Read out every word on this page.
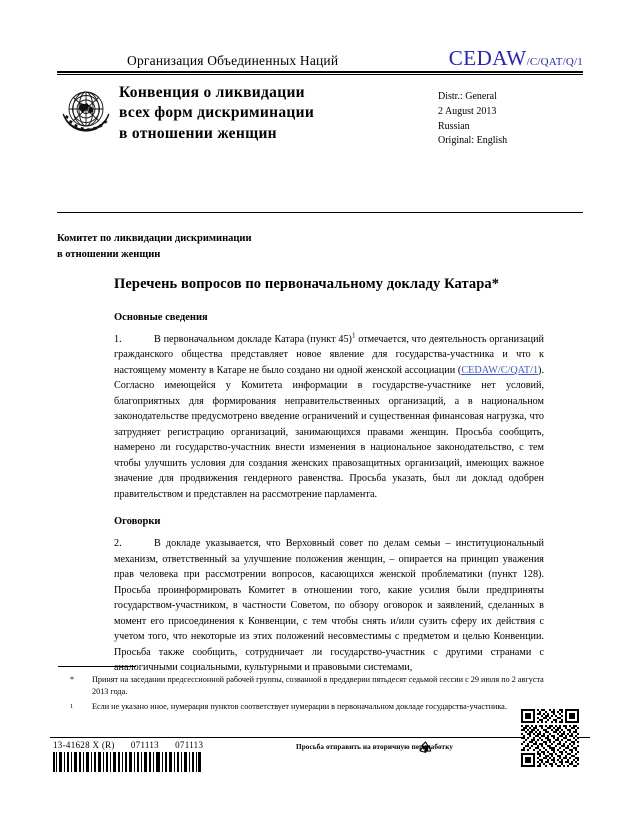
Организация Объединенных Наций	CEDAW/C/QAT/Q/1
Конвенция о ликвидации
всех форм дискриминации
в отношении женщин
Distr.: General
2 August 2013
Russian
Original: English
Комитет по ликвидации дискриминации
в отношении женщин
Перечень вопросов по первоначальному докладу Катара*
Основные сведения

1.	В первоначальном докладе Катара (пункт 45)$^1$ отмечается, что деятельность организаций гражданского общества представляет новое явление для государства-участника и что к настоящему моменту в Катаре не было создано ни одной женской ассоциации (CEDAW/C/QAT/1). Согласно имеющейся у Комитета информации в государстве-участнике нет условий, благоприятных для формирования неправительственных организаций, а в национальном законодательстве предусмотрено введение ограничений и существенная финансовая нагрузка, что затрудняет регистрацию организаций, занимающихся правами женщин. Просьба сообщить, намерено ли государство-участник внести изменения в национальное законодательство, с тем чтобы улучшить условия для создания женских правозащитных организаций, имеющих важное значение для продвижения гендерного равенства. Просьба указать, был ли доклад одобрен правительством и представлен на рассмотрение парламента.

Оговорки

2.	В докладе указывается, что Верховный совет по делам семьи – институциональный механизм, ответственный за улучшение положения женщин, – опирается на принцип уважения прав человека при рассмотрении вопросов, касающихся женской проблематики (пункт 128). Просьба проинформировать Комитет в отношении того, какие усилия были предприняты государством-участником, в частности Советом, по обзору оговорок и заявлений, сделанных в момент его присоединения к Конвенции, с тем чтобы снять и/или сузить сферу их действия с учетом того, что некоторые из этих положений несовместимы с предметом и целью Конвенции. Просьба также сообщить, сотрудничает ли государство-участник с другими странами с аналогичными социальными, культурными и правовыми системами,

*	Принят на заседании предсессионной рабочей группы, созванной в преддверии пятьдесят седьмой сессии с 29 июля по 2 августа 2013 года.
1	Если не указано иное, нумерация пунктов соответствует нумерации в первоначальном докладе государства-участника.
13-41628 X (R) 071113 071113	Просьба отправить на вторичную переработку
